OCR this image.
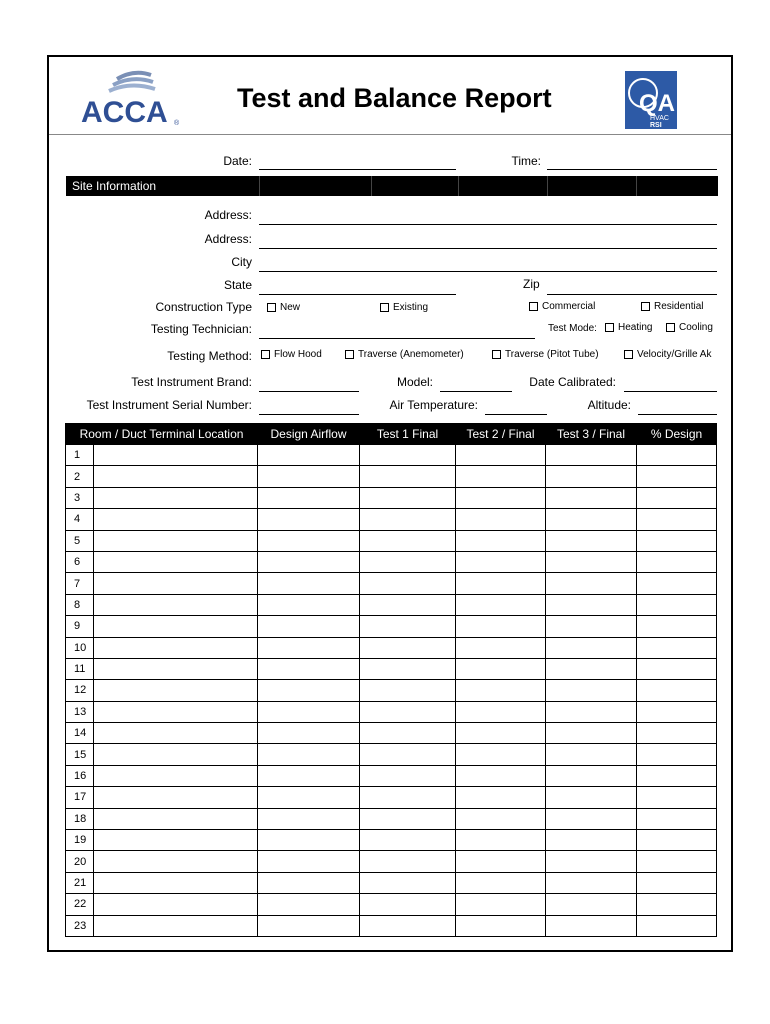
ACCA ®
Test and Balance Report	QA
HVAC
RSI
Date:	Time:
Site Information
Address:
Address:
City
State	Zip
Construction Type	New	Existing	Commercial	Residential
Testing Technician:	Test Mode: Heating	Cooling
Testing Method: Flow Hood	Traverse (Anemometer)	Traverse (Pitot Tube)	Velocity/Grille Ak
Test Instrument Brand:	Model:	Date Calibrated:
Test Instrument Serial Number:	Air Temperature:	Altitude:
Room / Duct Terminal Location		Design Airflow	Test 1 Final	Test 2 / Final	Test 3 / Final	% Design
1						
2						
3						
4						
5						
6						
7						
8						
9						
10						
11						
12						
13						
14						
15						
16						
17						
18						
19						
20						
21						
22						
23						
